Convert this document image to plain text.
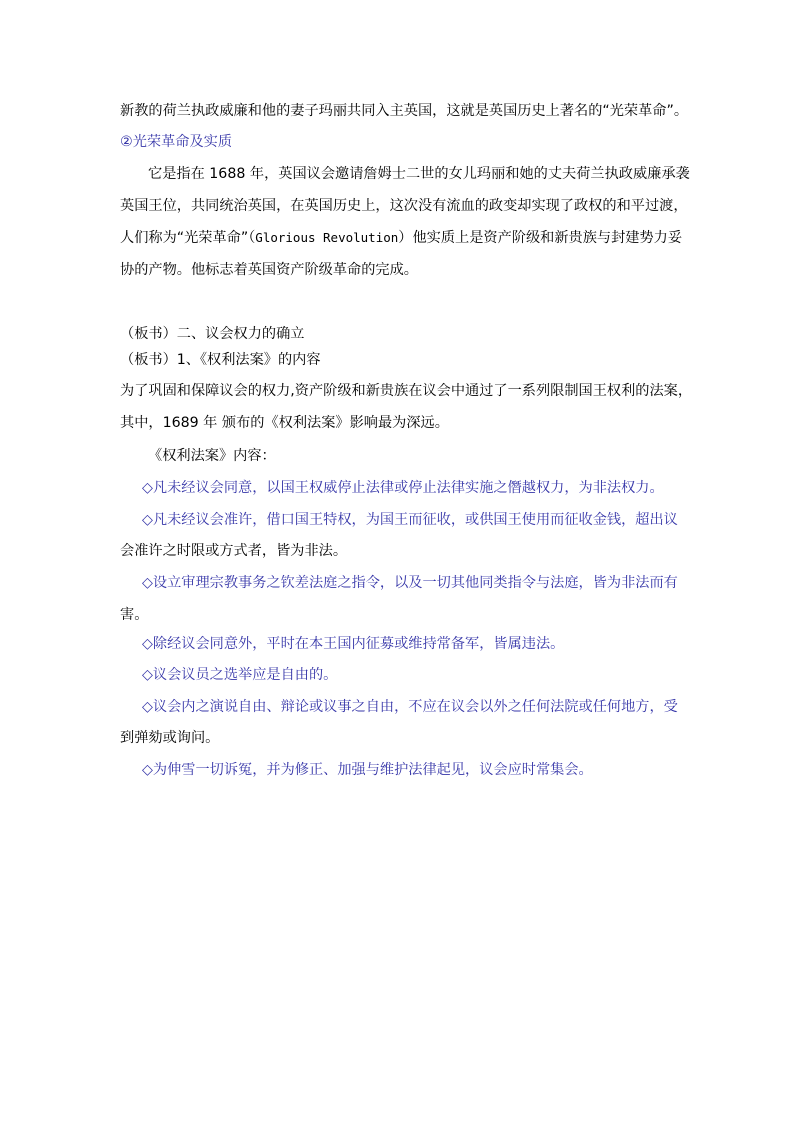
新教的荷兰执政威廉和他的妻子玛丽共同入主英国，这就是英国历史上著名的“光荣革命”。
②光荣革命及实质
它是指在 1688 年，英国议会邀请詹姆士二世的女儿玛丽和她的丈夫荷兰执政威廉承袭
英国王位，共同统治英国，在英国历史上，这次没有流血的政变却实现了政权的和平过渡，
人们称为“光荣革命”（Glorious Revolution）他实质上是资产阶级和新贵族与封建势力妥
协的产物。他标志着英国资产阶级革命的完成。
（板书）二、议会权力的确立
（板书）1、《权利法案》的内容
为了巩固和保障议会的权力,资产阶级和新贵族在议会中通过了一系列限制国王权利的法案，
其中，1689 年 颁布的《权利法案》影响最为深远。
《权利法案》内容：
◇凡未经议会同意，以国王权威停止法律或停止法律实施之僭越权力，为非法权力。
◇凡未经议会准许，借口国王特权，为国王而征收，或供国王使用而征收金钱，超出议
会准许之时限或方式者，皆为非法。
◇设立审理宗教事务之钦差法庭之指令，以及一切其他同类指令与法庭，皆为非法而有
害。
◇除经议会同意外，平时在本王国内征募或维持常备军，皆属违法。
◇议会议员之选举应是自由的。
◇议会内之演说自由、辩论或议事之自由，不应在议会以外之任何法院或任何地方，受
到弹劾或询问。
◇为伸雪一切诉冤，并为修正、加强与维护法律起见，议会应时常集会。
